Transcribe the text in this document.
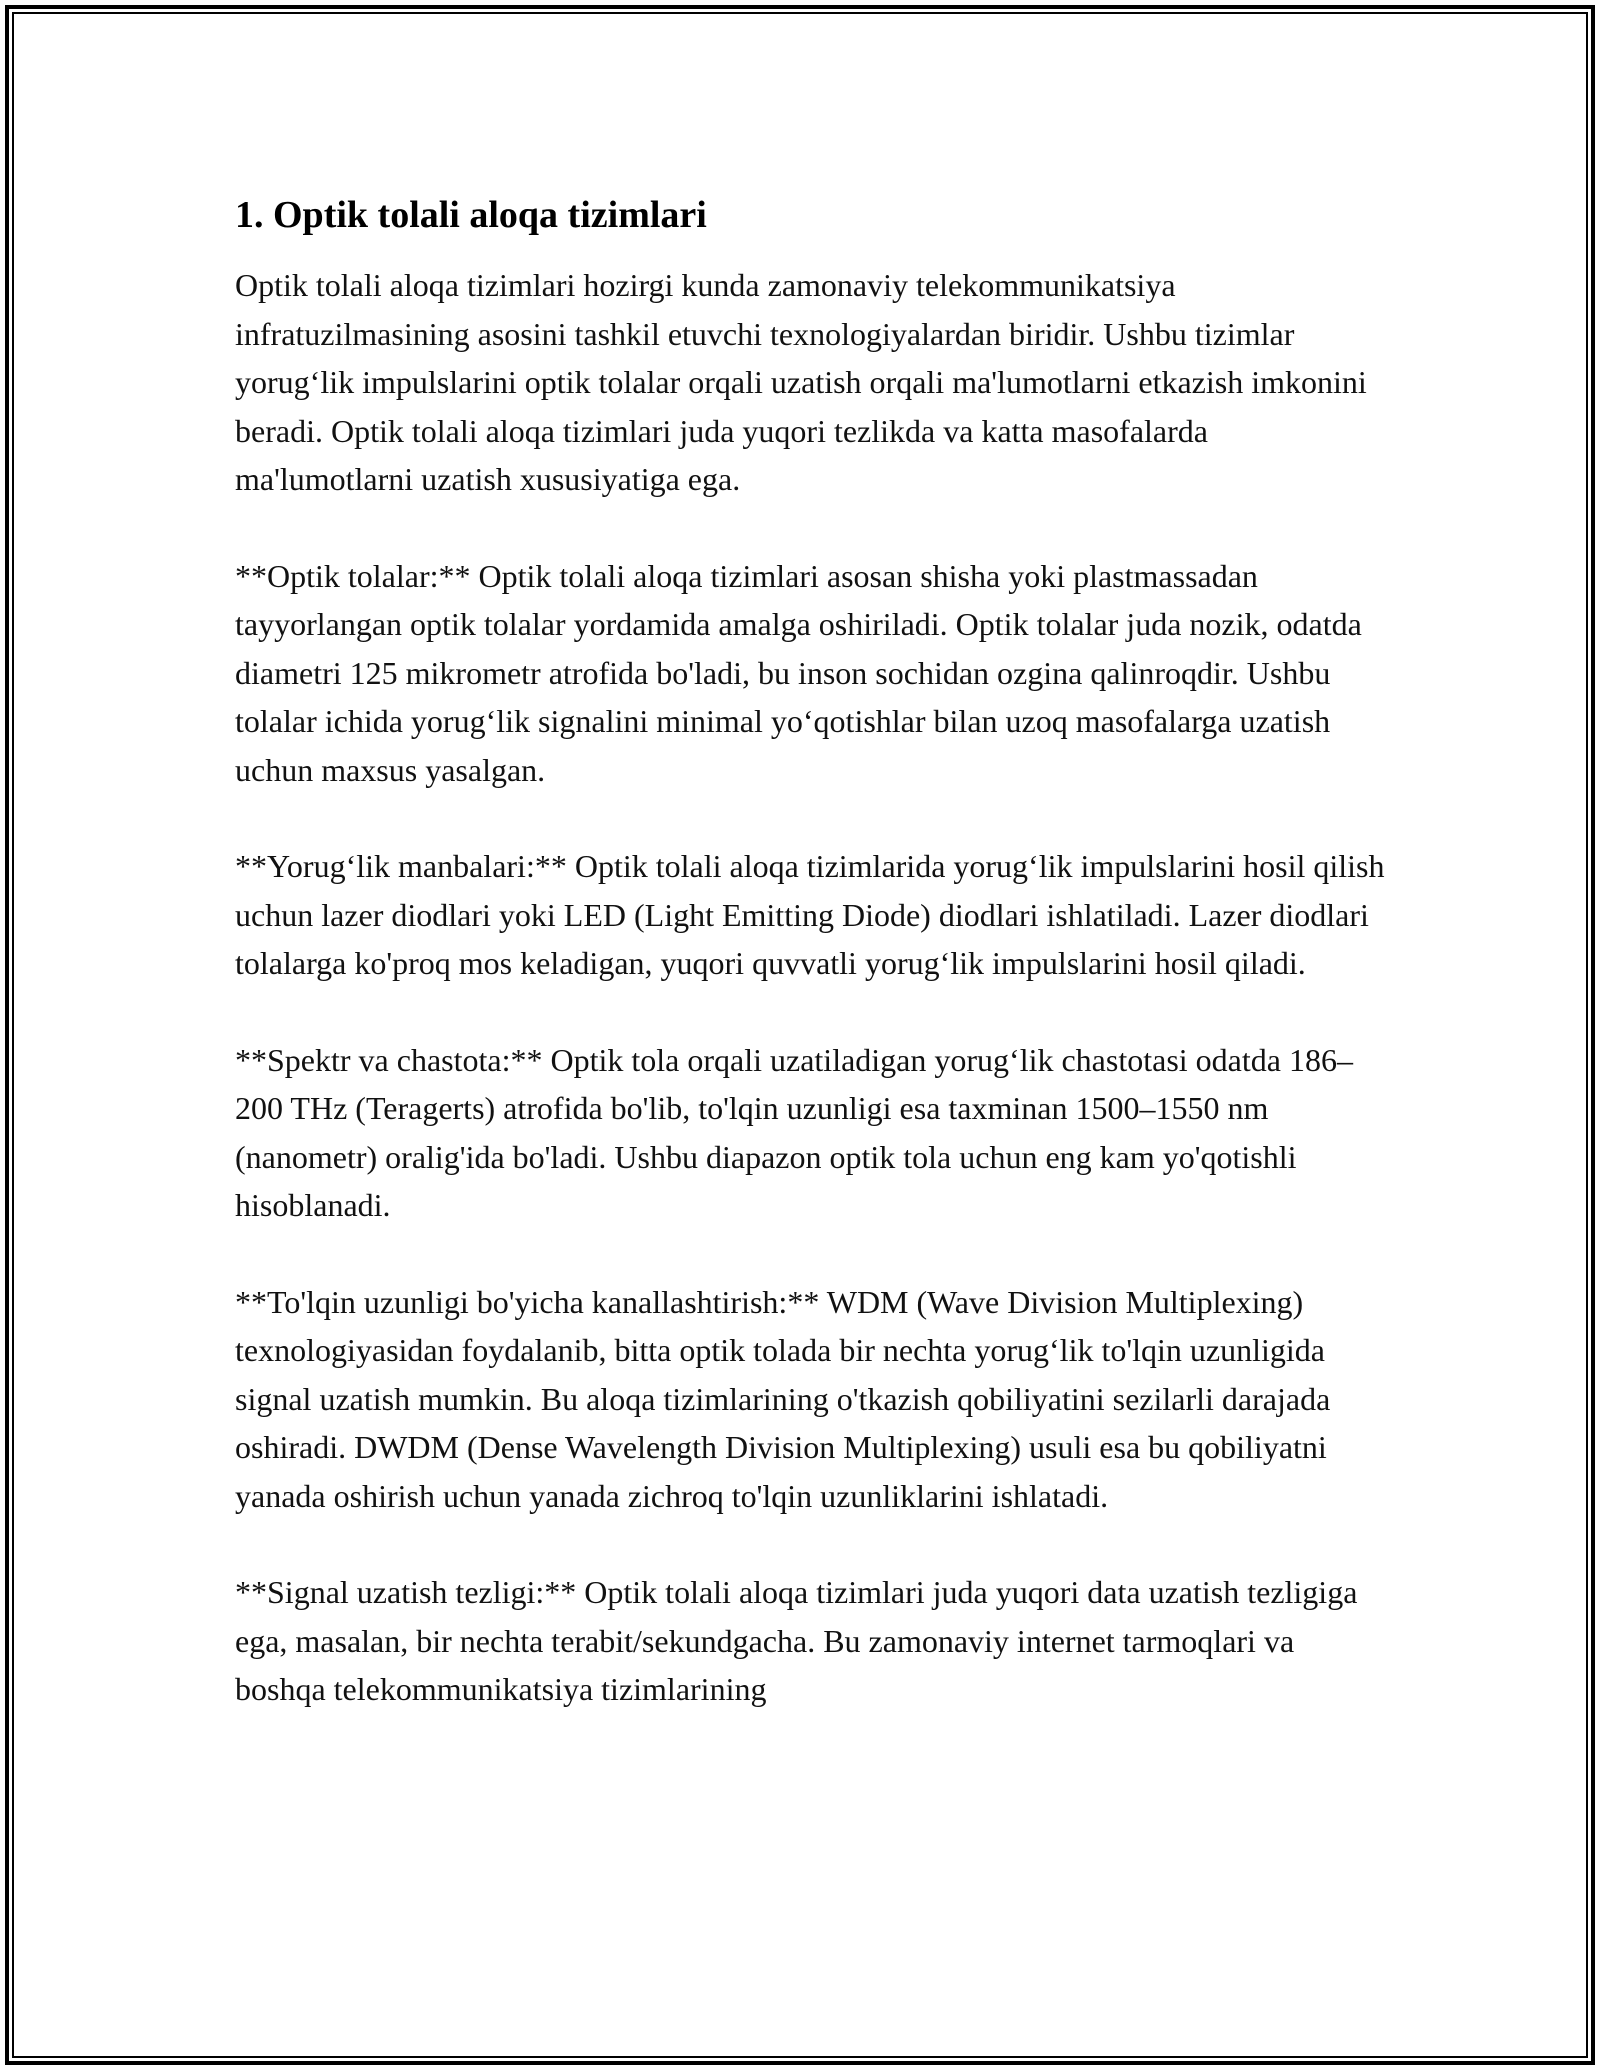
1. Optik tolali aloqa tizimlari

Optik tolali aloqa tizimlari hozirgi kunda zamonaviy telekommunikatsiya infratuzilmasining asosini tashkil etuvchi texnologiyalardan biridir. Ushbu tizimlar yorug‘lik impulslarini optik tolalar orqali uzatish orqali ma'lumotlarni etkazish imkonini beradi. Optik tolali aloqa tizimlari juda yuqori tezlikda va katta masofalarda ma'lumotlarni uzatish xususiyatiga ega.

**Optik tolalar:** Optik tolali aloqa tizimlari asosan shisha yoki plastmassadan tayyorlangan optik tolalar yordamida amalga oshiriladi. Optik tolalar juda nozik, odatda diametri 125 mikrometr atrofida bo'ladi, bu inson sochidan ozgina qalinroqdir. Ushbu tolalar ichida yorug‘lik signalini minimal yo‘qotishlar bilan uzoq masofalarga uzatish uchun maxsus yasalgan.

**Yorug‘lik manbalari:** Optik tolali aloqa tizimlarida yorug‘lik impulslarini hosil qilish uchun lazer diodlari yoki LED (Light Emitting Diode) diodlari ishlatiladi. Lazer diodlari tolalarga ko'proq mos keladigan, yuqori quvvatli yorug‘lik impulslarini hosil qiladi.

**Spektr va chastota:** Optik tola orqali uzatiladigan yorug‘lik chastotasi odatda 186–200 THz (Teragerts) atrofida bo'lib, to'lqin uzunligi esa taxminan 1500–1550 nm (nanometr) oralig'ida bo'ladi. Ushbu diapazon optik tola uchun eng kam yo'qotishli hisoblanadi.

**To'lqin uzunligi bo'yicha kanallashtirish:** WDM (Wave Division Multiplexing) texnologiyasidan foydalanib, bitta optik tolada bir nechta yorug‘lik to'lqin uzunligida signal uzatish mumkin. Bu aloqa tizimlarining o'tkazish qobiliyatini sezilarli darajada oshiradi. DWDM (Dense Wavelength Division Multiplexing) usuli esa bu qobiliyatni yanada oshirish uchun yanada zichroq to'lqin uzunliklarini ishlatadi.

**Signal uzatish tezligi:** Optik tolali aloqa tizimlari juda yuqori data uzatish tezligiga ega, masalan, bir nechta terabit/sekundgacha. Bu zamonaviy internet tarmoqlari va boshqa telekommunikatsiya tizimlarining
